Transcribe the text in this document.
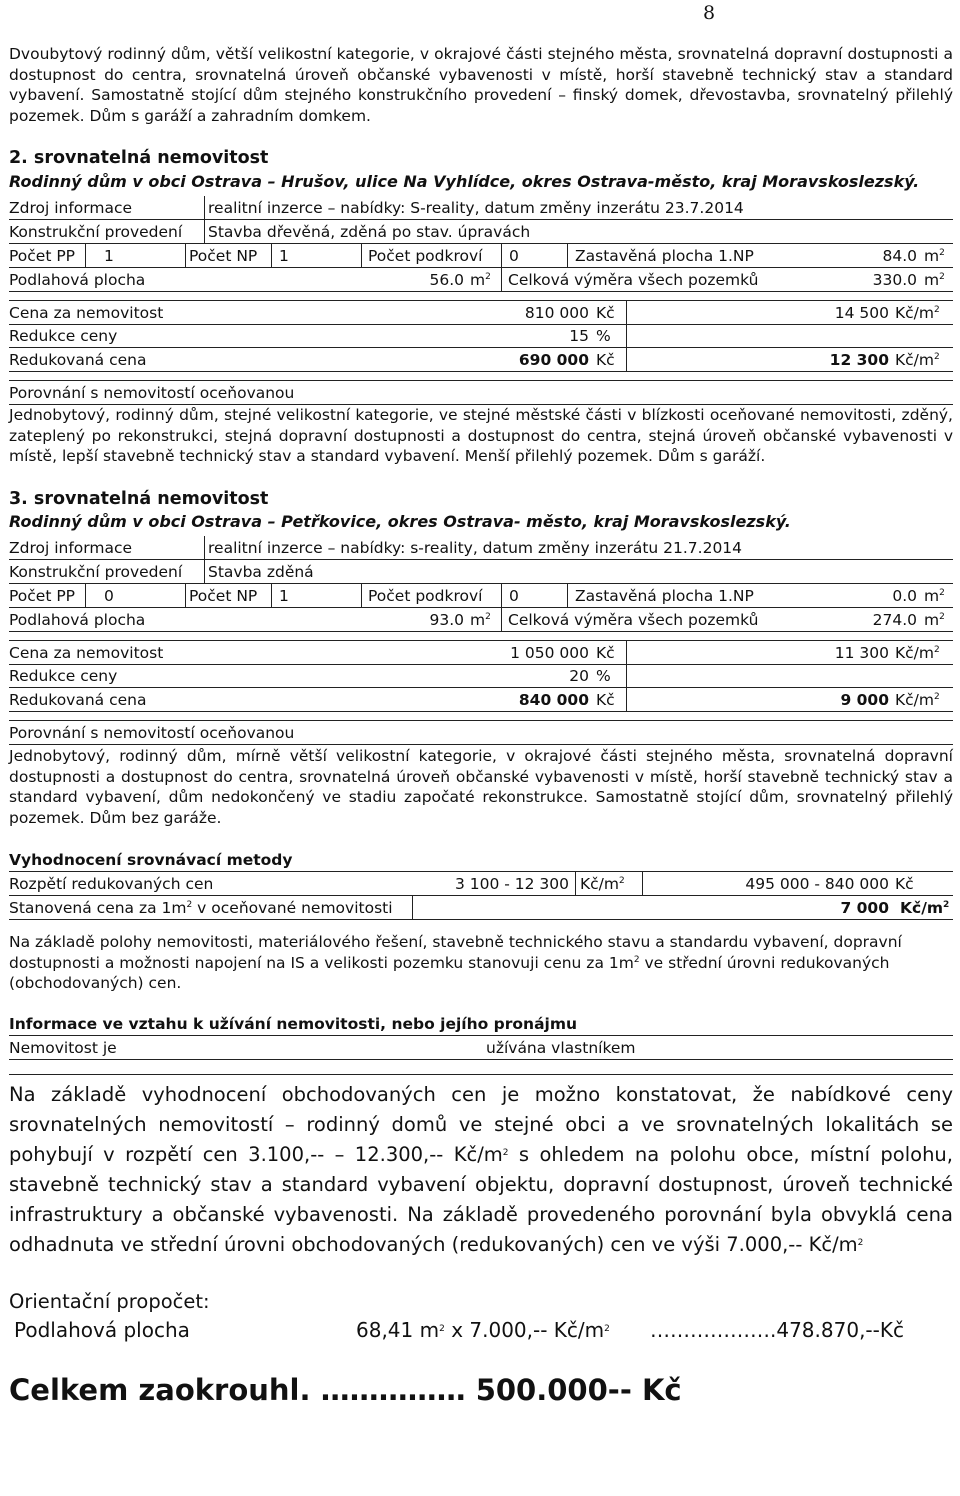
8

Dvoubytový rodinný dům, větší velikostní kategorie, v okrajové části stejného města, srovnatelná dopravní dostupnosti a dostupnost do centra, srovnatelná úroveň občanské vybavenosti v místě, horší stavebně technický stav a standard vybavení. Samostatně stojící dům stejného konstrukčního provedení – finský domek, dřevostavba, srovnatelný přilehlý pozemek. Dům s garáží a zahradním domkem.

2. srovnatelná nemovitost
Rodinný dům v obci Ostrava – Hrušov, ulice Na Vyhlídce, okres Ostrava-město, kraj Moravskoslezský.
Zdroj informace	realitní inzerce – nabídky: S-reality, datum změny inzerátu 23.7.2014
Konstrukční provedení Stavba dřevěná, zděná po stav. úpravách
Počet PP 1	Počet NP 1	Počet podkroví 0	Zastavěná plocha 1.NP	84.0 $m^2$
Podlahová plocha	56.0 $m^2$ Celková výměra všech pozemků	330.0 $m^2$
Cena za nemovitost	810 000 Kč	14 500 $Kč/m^2$
Redukce ceny	15 %
Redukovaná cena	690 000 Kč	12 300 $Kč/m^2$
Porovnání s nemovitostí oceňovanou

Jednobytový, rodinný dům, stejné velikostní kategorie, ve stejné městské části v blízkosti oceňované nemovitosti, zděný, zateplený po rekonstrukci, stejná dopravní dostupnosti a dostupnost do centra, stejná úroveň občanské vybavenosti v místě, lepší stavebně technický stav a standard vybavení. Menší přilehlý pozemek. Dům s garáží.

3. srovnatelná nemovitost
Rodinný dům v obci Ostrava – Petřkovice, okres Ostrava- město, kraj Moravskoslezský.
Zdroj informace	realitní inzerce – nabídky: s-reality, datum změny inzerátu 21.7.2014
Konstrukční provedení Stavba zděná
Počet PP 0	Počet NP 1	Počet podkroví 0	Zastavěná plocha 1.NP	0.0 $m^2$
Podlahová plocha	93.0 $m^2$ Celková výměra všech pozemků	274.0 $m^2$
Cena za nemovitost	1 050 000 Kč	11 300 $Kč/m^2$
Redukce ceny	20 %
Redukovaná cena	840 000 Kč	9 000 $Kč/m^2$
Porovnání s nemovitostí oceňovanou

Jednobytový, rodinný dům, mírně větší velikostní kategorie, v okrajové části stejného města, srovnatelná dopravní dostupnosti a dostupnost do centra, srovnatelná úroveň občanské vybavenosti v místě, horší stavebně technický stav a standard vybavení, dům nedokončený ve stadiu započaté rekonstrukce. Samostatně stojící dům, srovnatelný přilehlý pozemek. Dům bez garáže.

Vyhodnocení srovnávací metody
Rozpětí redukovaných cen	3 100 - 12 300 $Kč/m^2$	495 000 - 840 000 Kč
Stanovená cena za $1m^2$ v oceňované nemovitosti	7 000 $Kč/m^2$

Na základě polohy nemovitosti, materiálového řešení, stavebně technického stavu a standardu vybavení, dopravní dostupnosti a možnosti napojení na IS a velikosti pozemku stanovuji cenu za $1m^2$ ve střední úrovni redukovaných (obchodovaných) cen.

Informace ve vztahu k užívání nemovitosti, nebo jejího pronájmu
Nemovitost je	užívána vlastníkem

Na základě vyhodnocení obchodovaných cen je možno konstatovat, že nabídkové ceny srovnatelných nemovitostí – rodinný domů ve stejné obci a ve srovnatelných lokalitách se pohybují v rozpětí cen 3.100,-- – 12.300,-- $Kč/m^2$ s ohledem na polohu obce, místní polohu, stavebně technický stav a standard vybavení objektu, dopravní dostupnost, úroveň technické infrastruktury a občanské vybavenosti. Na základě provedeného porovnání byla obvyklá cena odhadnuta ve střední úrovni obchodovaných (redukovaných) cen ve výši 7.000,-- $Kč/m^2$

Orientační propočet:
Podlahová plocha	68,41 $m^2$ x 7.000,-- $Kč/m^2$ ……………….478.870,--Kč
Celkem zaokrouhl. …………… 500.000-- Kč
